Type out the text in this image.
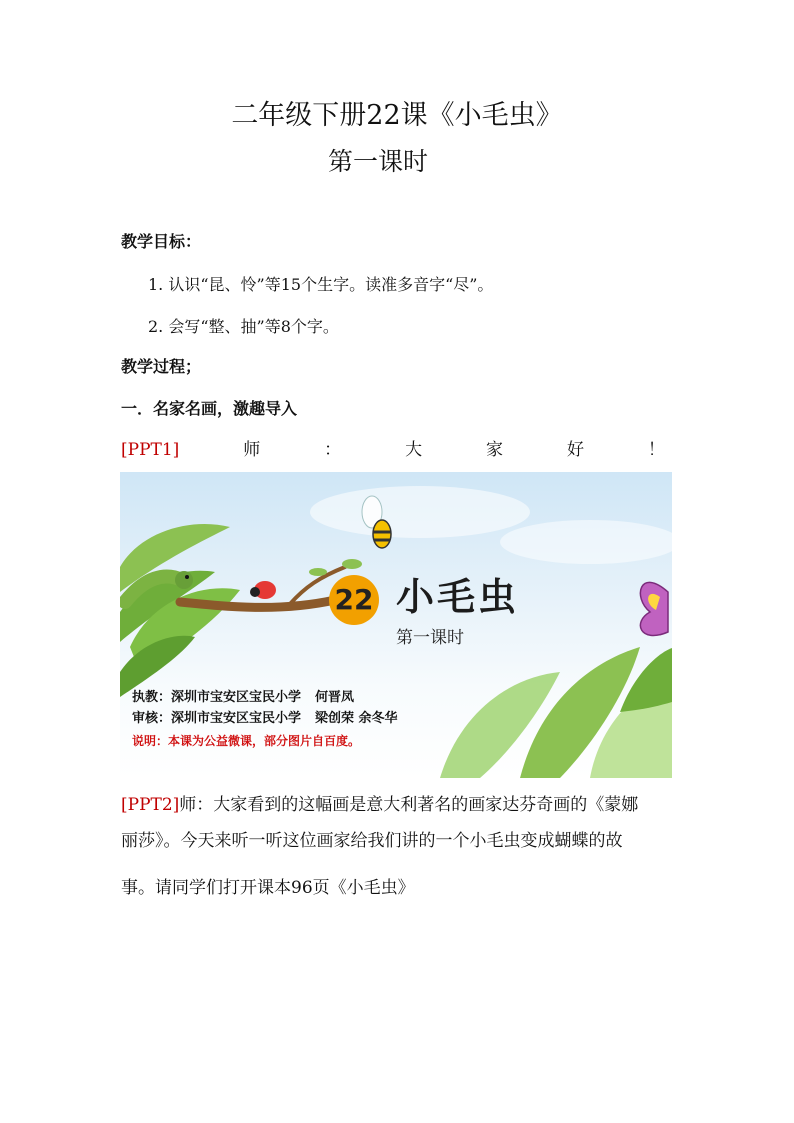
二年级下册22课《小毛虫》
第一课时
教学目标：
1. 认识“昆、怜”等15个生字。读准多音字“尽”。
2. 会写“整、抽”等8个字。
教学过程；
一．名家名画，激趣导入
[PPT1]	师	：	大	家	好	！
22 小毛虫
第一课时
执教：深圳市宝安区宝民小学 何晋凤
审核：深圳市宝安区宝民小学 梁创荣 余冬华
说明：本课为公益微课，部分图片自百度。
[PPT2]师：大家看到的这幅画是意大利著名的画家达芬奇画的《蒙娜
丽莎》。今天来听一听这位画家给我们讲的一个小毛虫变成蝴蝶的故
事。请同学们打开课本96页《小毛虫》
